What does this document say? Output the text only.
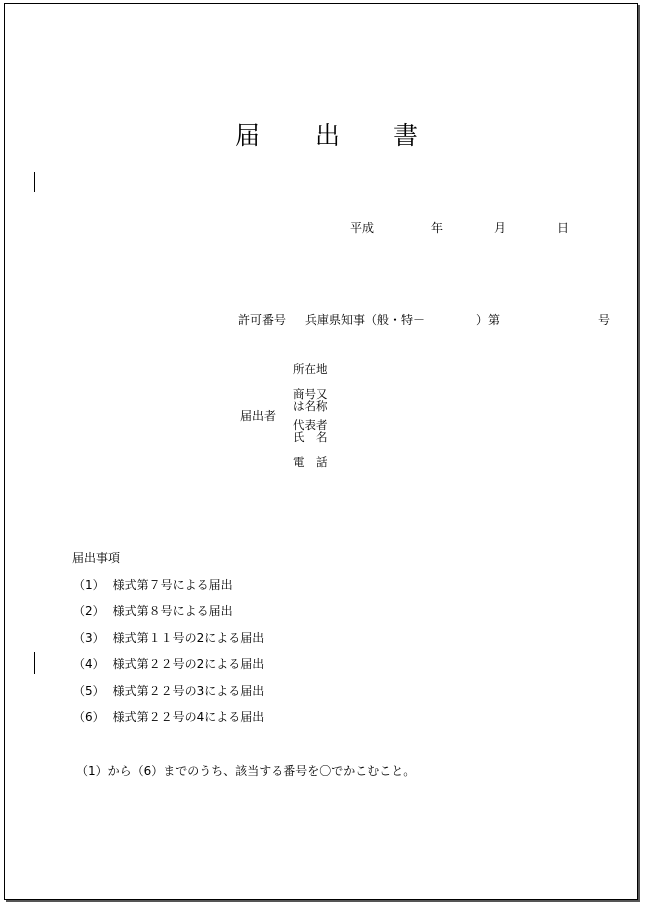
届 出 書
平成	年	月	日
許可番号 兵庫県知事（般・特－	）第	号
届出者
所在地
商号又
は名称
代表者
氏　名
電　話
届出事項
（1） 様式第７号による届出
（2） 様式第８号による届出
（3） 様式第１１号の2による届出
（4） 様式第２２号の2による届出
（5） 様式第２２号の3による届出
（6） 様式第２２号の4による届出
（1）から（6）までのうち、該当する番号を〇でかこむこと。
